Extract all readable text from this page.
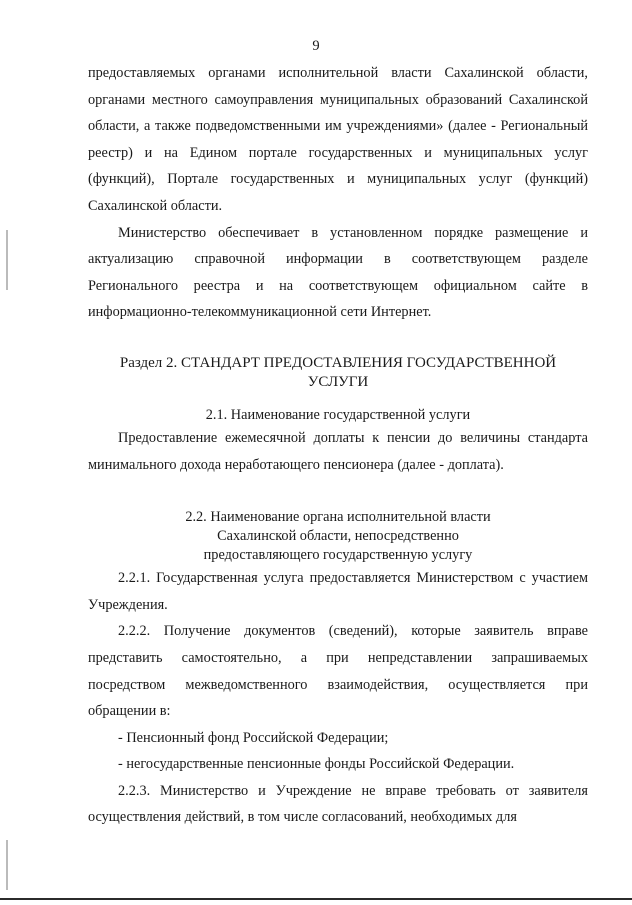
9

предоставляемых органами исполнительной власти Сахалинской области, органами местного самоуправления муниципальных образований Сахалинской области, а также подведомственными им учреждениями» (далее - Региональный реестр) и на Едином портале государственных и муниципальных услуг (функций), Портале государственных и муниципальных услуг (функций) Сахалинской области.

Министерство обеспечивает в установленном порядке размещение и актуализацию справочной информации в соответствующем разделе Регионального реестра и на соответствующем официальном сайте в информационно-телекоммуникационной сети Интернет.

Раздел 2. СТАНДАРТ ПРЕДОСТАВЛЕНИЯ ГОСУДАРСТВЕННОЙ
УСЛУГИ
2.1. Наименование государственной услуги

Предоставление ежемесячной доплаты к пенсии до величины стандарта минимального дохода неработающего пенсионера (далее - доплата).

2.2. Наименование органа исполнительной власти
Сахалинской области, непосредственно
предоставляющего государственную услугу

2.2.1. Государственная услуга предоставляется Министерством с участием Учреждения.

2.2.2. Получение документов (сведений), которые заявитель вправе представить самостоятельно, а при непредставлении запрашиваемых посредством межведомственного взаимодействия, осуществляется при обращении в:

- Пенсионный фонд Российской Федерации;

- негосударственные пенсионные фонды Российской Федерации.

2.2.3. Министерство и Учреждение не вправе требовать от заявителя осуществления действий, в том числе согласований, необходимых для
